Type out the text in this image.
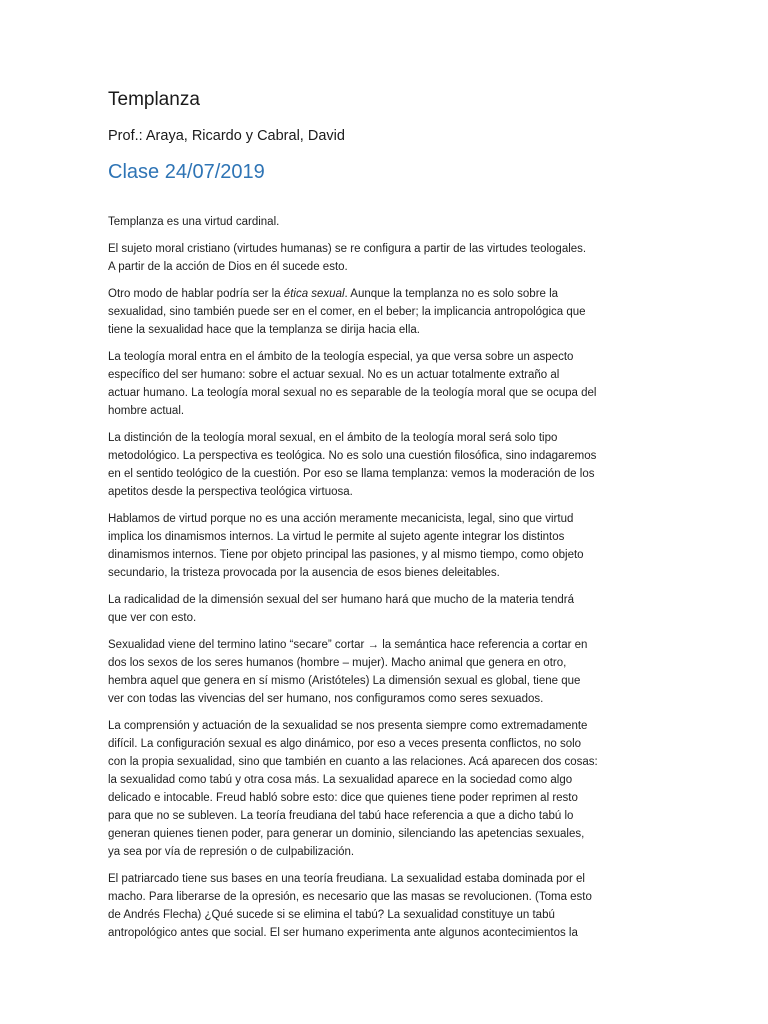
Templanza
Prof.: Araya, Ricardo y Cabral, David
Clase 24/07/2019

Templanza es una virtud cardinal.

El sujeto moral cristiano (virtudes humanas) se re configura a partir de las virtudes teologales.
A partir de la acción de Dios en él sucede esto.

Otro modo de hablar podría ser la ética sexual. Aunque la templanza no es solo sobre la
sexualidad, sino también puede ser en el comer, en el beber; la implicancia antropológica que
tiene la sexualidad hace que la templanza se dirija hacia ella.

La teología moral entra en el ámbito de la teología especial, ya que versa sobre un aspecto
específico del ser humano: sobre el actuar sexual. No es un actuar totalmente extraño al
actuar humano. La teología moral sexual no es separable de la teología moral que se ocupa del
hombre actual.

La distinción de la teología moral sexual, en el ámbito de la teología moral será solo tipo
metodológico. La perspectiva es teológica. No es solo una cuestión filosófica, sino indagaremos
en el sentido teológico de la cuestión. Por eso se llama templanza: vemos la moderación de los
apetitos desde la perspectiva teológica virtuosa.

Hablamos de virtud porque no es una acción meramente mecanicista, legal, sino que virtud
implica los dinamismos internos. La virtud le permite al sujeto agente integrar los distintos
dinamismos internos. Tiene por objeto principal las pasiones, y al mismo tiempo, como objeto
secundario, la tristeza provocada por la ausencia de esos bienes deleitables.

La radicalidad de la dimensión sexual del ser humano hará que mucho de la materia tendrá
que ver con esto.

Sexualidad viene del termino latino “secare” cortar → la semántica hace referencia a cortar en
dos los sexos de los seres humanos (hombre – mujer). Macho animal que genera en otro,
hembra aquel que genera en sí mismo (Aristóteles) La dimensión sexual es global, tiene que
ver con todas las vivencias del ser humano, nos configuramos como seres sexuados.

La comprensión y actuación de la sexualidad se nos presenta siempre como extremadamente
difícil. La configuración sexual es algo dinámico, por eso a veces presenta conflictos, no solo
con la propia sexualidad, sino que también en cuanto a las relaciones. Acá aparecen dos cosas:
la sexualidad como tabú y otra cosa más. La sexualidad aparece en la sociedad como algo
delicado e intocable. Freud habló sobre esto: dice que quienes tiene poder reprimen al resto
para que no se subleven. La teoría freudiana del tabú hace referencia a que a dicho tabú lo
generan quienes tienen poder, para generar un dominio, silenciando las apetencias sexuales,
ya sea por vía de represión o de culpabilización.

El patriarcado tiene sus bases en una teoría freudiana. La sexualidad estaba dominada por el
macho. Para liberarse de la opresión, es necesario que las masas se revolucionen. (Toma esto
de Andrés Flecha) ¿Qué sucede si se elimina el tabú? La sexualidad constituye un tabú
antropológico antes que social. El ser humano experimenta ante algunos acontecimientos la
